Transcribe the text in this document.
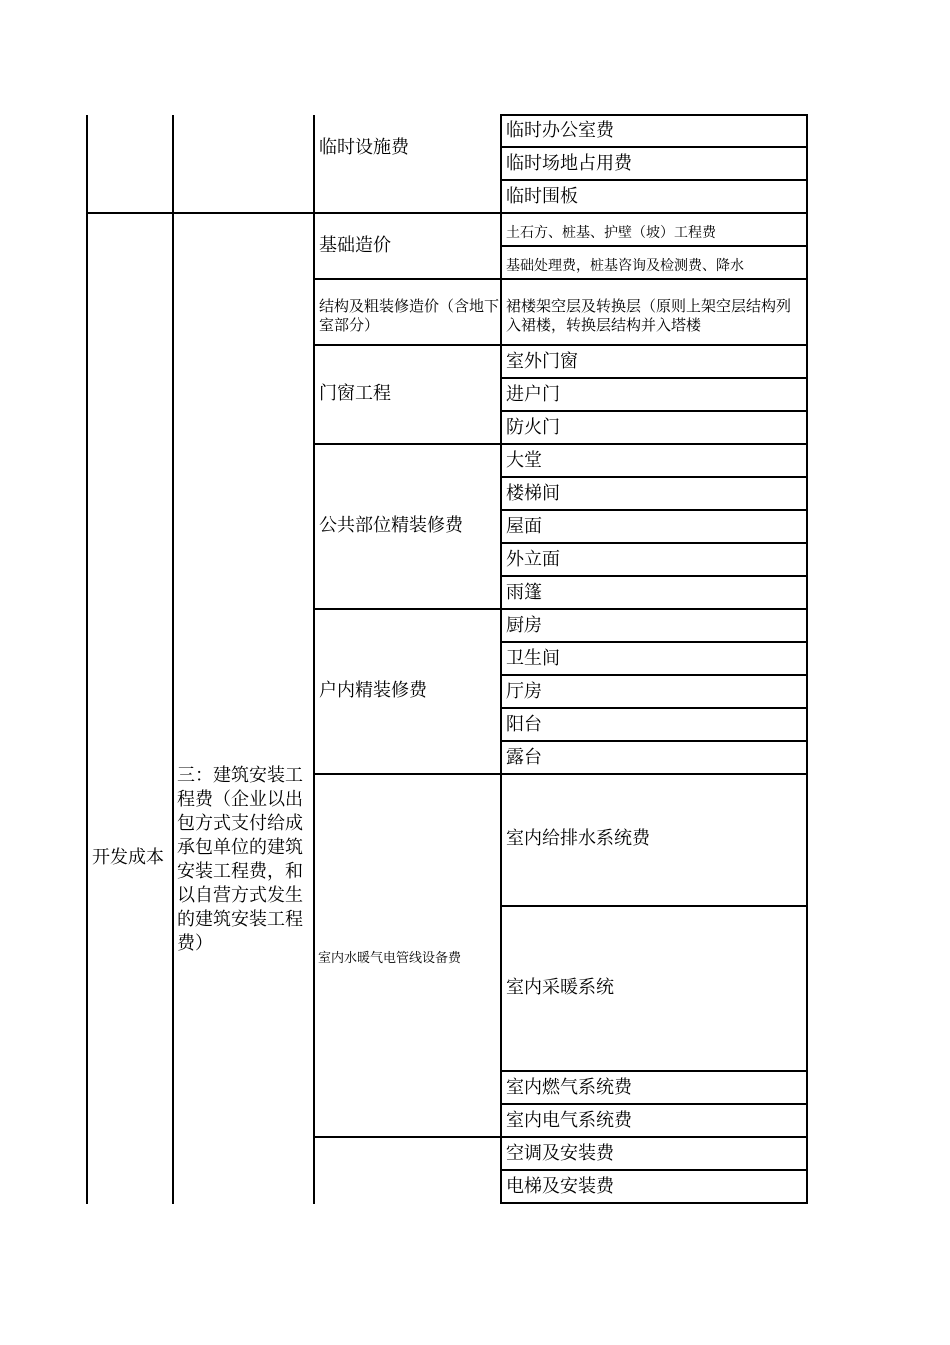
开发成本
三：建筑安装工程费（企业以出包方式支付给成承包单位的建筑安装工程费，和以自营方式发生的建筑安装工程费）
临时设施费
基础造价
结构及粗装修造价（含地下室部分）
门窗工程
公共部位精装修费
户内精装修费
室内水暖气电管线设备费
临时办公室费
临时场地占用费
临时围板
土石方、桩基、护壁（坡）工程费
基础处理费，桩基咨询及检测费、降水
裙楼架空层及转换层（原则上架空层结构列入裙楼，转换层结构并入塔楼
室外门窗
进户门
防火门
大堂
楼梯间
屋面
外立面
雨篷
厨房
卫生间
厅房
阳台
露台
室内给排水系统费
室内采暖系统
室内燃气系统费
室内电气系统费
空调及安装费
电梯及安装费
